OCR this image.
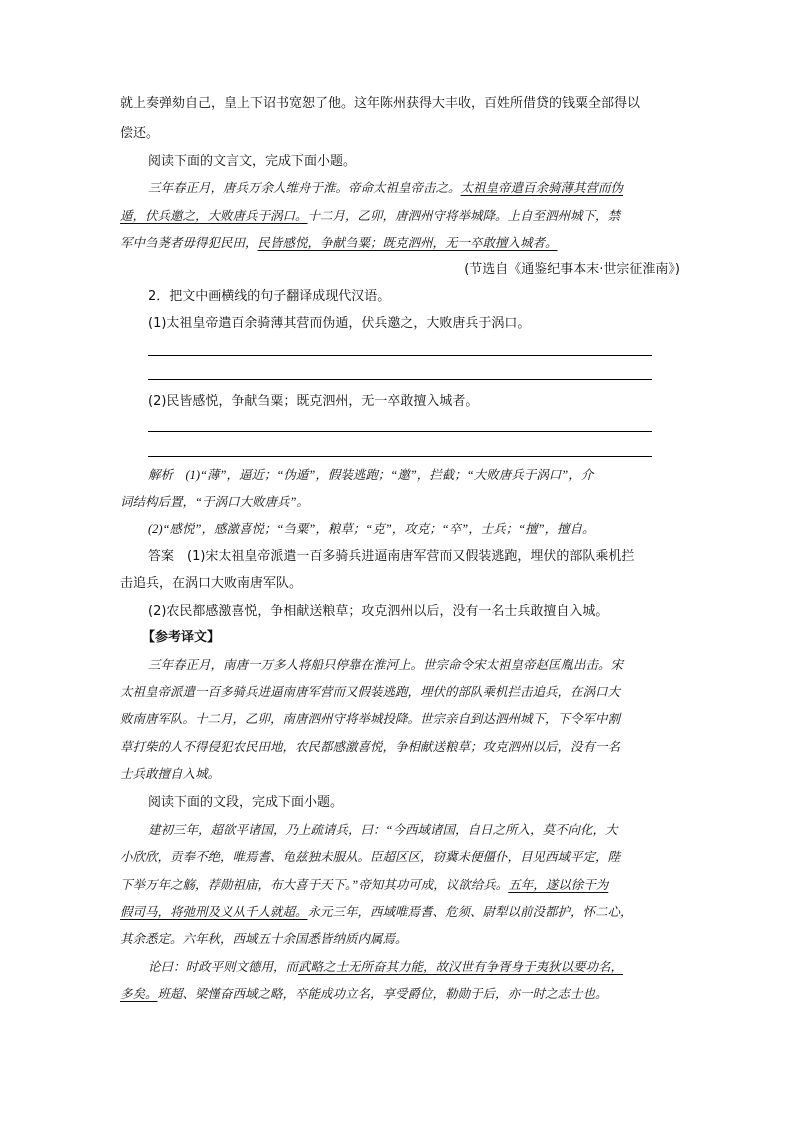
就上奏弹劾自己，皇上下诏书宽恕了他。这年陈州获得大丰收，百姓所借贷的钱粟全部得以
偿还。
阅读下面的文言文，完成下面小题。
三年春正月，唐兵万余人维舟于淮。帝命太祖皇帝击之。太祖皇帝遣百余骑薄其营而伪
遁，伏兵邀之，大败唐兵于涡口。十二月，乙卯，唐泗州守将举城降。上自至泗州城下，禁
军中刍荛者毋得犯民田，民皆感悦，争献刍粟；既克泗州，无一卒敢擅入城者。
(节选自《通鉴纪事本末·世宗征淮南》)
2．把文中画横线的句子翻译成现代汉语。
(1)太祖皇帝遣百余骑薄其营而伪遁，伏兵邀之，大败唐兵于涡口。
(2)民皆感悦，争献刍粟；既克泗州，无一卒敢擅入城者。
解析　(1)“薄”，逼近；“伪遁”，假装逃跑；“邀”，拦截；“大败唐兵于涡口”，介
词结构后置，“于涡口大败唐兵”。
(2)“感悦”，感激喜悦；“刍粟”，粮草；“克”，攻克；“卒”，士兵；“擅”，擅自。
答案　(1)宋太祖皇帝派遣一百多骑兵进逼南唐军营而又假装逃跑，埋伏的部队乘机拦
击追兵，在涡口大败南唐军队。
(2)农民都感激喜悦，争相献送粮草；攻克泗州以后，没有一名士兵敢擅自入城。
【参考译文】
三年春正月，南唐一万多人将船只停靠在淮河上。世宗命令宋太祖皇帝赵匡胤出击。宋
太祖皇帝派遣一百多骑兵进逼南唐军营而又假装逃跑，埋伏的部队乘机拦击追兵，在涡口大
败南唐军队。十二月，乙卯，南唐泗州守将举城投降。世宗亲自到达泗州城下，下令军中割
草打柴的人不得侵犯农民田地，农民都感激喜悦，争相献送粮草；攻克泗州以后，没有一名
士兵敢擅自入城。
阅读下面的文段，完成下面小题。
建初三年，超欲平诸国，乃上疏请兵，曰：“今西域诸国，自日之所入，莫不向化，大
小欣欣，贡奉不绝，唯焉耆、龟兹独未服从。臣超区区，窃冀未便僵仆，目见西域平定，陛
下举万年之觞，荐勋祖庙，布大喜于天下。”帝知其功可成，议欲给兵。五年，遂以徐干为
假司马，将弛刑及义从千人就超。永元三年，西域唯焉耆、危须、尉犁以前没都护，怀二心，
其余悉定。六年秋，西域五十余国悉皆纳质内属焉。
论曰：时政平则文德用，而武略之士无所奋其力能，故汉世有争胥身于夷狄以要功名，
多矣。班超、梁慬奋西域之略，卒能成功立名，享受爵位，勒勋于后，亦一时之志士也。
